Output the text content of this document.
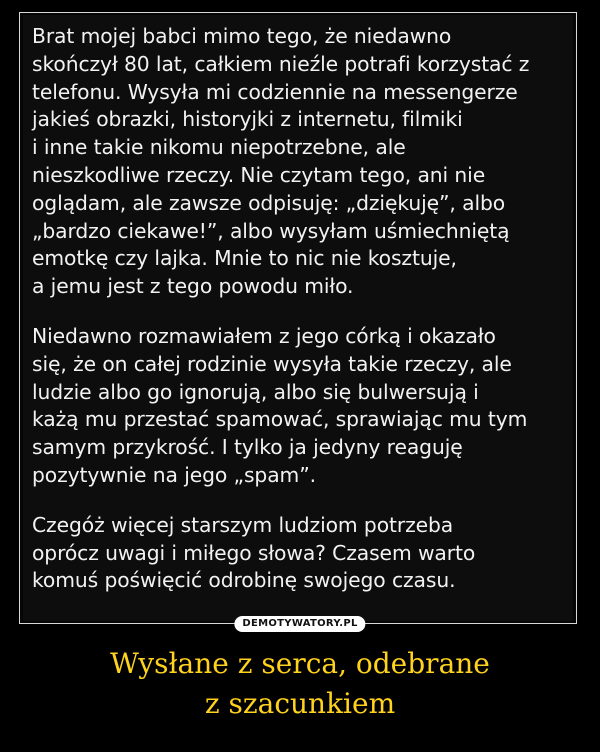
Brat mojej babci mimo tego, że niedawno
skończył 80 lat, całkiem nieźle potrafi korzystać z
telefonu. Wysyła mi codziennie na messengerze
jakieś obrazki, historyjki z internetu, filmiki
i inne takie nikomu niepotrzebne, ale
nieszkodliwe rzeczy. Nie czytam tego, ani nie
oglądam, ale zawsze odpisuję: „dziękuję”, albo
„bardzo ciekawe!”, albo wysyłam uśmiechniętą
emotkę czy lajka. Mnie to nic nie kosztuje,
a jemu jest z tego powodu miło.
Niedawno rozmawiałem z jego córką i okazało
się, że on całej rodzinie wysyła takie rzeczy, ale
ludzie albo go ignorują, albo się bulwersują i
każą mu przestać spamować, sprawiając mu tym
samym przykrość. I tylko ja jedyny reaguję
pozytywnie na jego „spam”.
Czegóż więcej starszym ludziom potrzeba
oprócz uwagi i miłego słowa? Czasem warto
komuś poświęcić odrobinę swojego czasu.
DEMOTYWATORY.PL
Wysłane z serca, odebrane
z szacunkiem
